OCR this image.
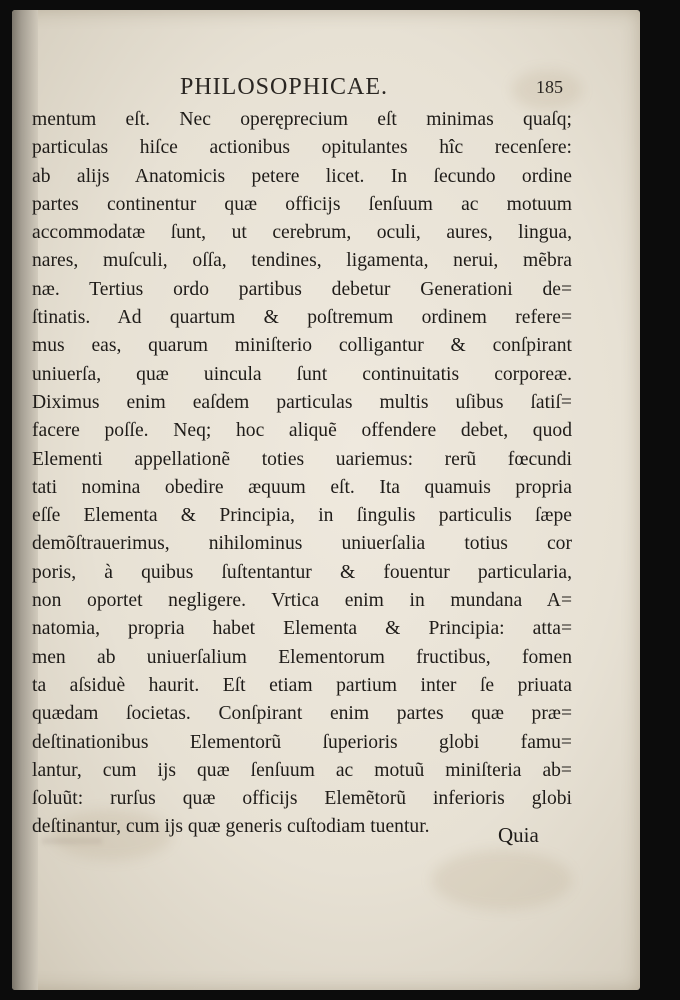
PHILOSOPHICAE.	185
mentum eſt. Nec operęprecium eſt minimas quaſq;
particulas hiſce actionibus opitulantes hîc recenſere:
ab alijs Anatomicis petere licet. In ſecundo ordine
partes continentur quæ officijs ſenſuum ac motuum
accommodatæ ſunt, ut cerebrum, oculi, aures, lingua,
nares, muſculi, oſſa, tendines, ligamenta, nerui, mẽbra
næ. Tertius ordo partibus debetur Generationi de=
ſtinatis. Ad quartum & poſtremum ordinem refere=
mus eas, quarum miniſterio colligantur & conſpirant
uniuerſa, quæ uincula ſunt continuitatis corporeæ.
Diximus enim eaſdem particulas multis uſibus ſatiſ=
facere poſſe. Neq; hoc aliquẽ offendere debet, quod
Elementi appellationẽ toties uariemus: rerũ fœcundi
tati nomina obedire æquum eſt. Ita quamuis propria
eſſe Elementa & Principia, in ſingulis particulis ſæpe
demõſtrauerimus, nihilominus uniuerſalia totius cor
poris, à quibus ſuſtentantur & fouentur particularia,
non oportet negligere. Vrtica enim in mundana A=
natomia, propria habet Elementa & Principia: atta=
men ab uniuerſalium Elementorum fructibus, fomen
ta aſsiduè haurit. Eſt etiam partium inter ſe priuata
quædam ſocietas. Conſpirant enim partes quæ præ=
deſtinationibus Elementorũ ſuperioris globi famu=
lantur, cum ijs quæ ſenſuum ac motuũ miniſteria ab=
ſoluũt: rurſus quæ officijs Elemẽtorũ inferioris globi
deſtinantur, cum ijs quæ generis cuſtodiam tuentur.	Quia
